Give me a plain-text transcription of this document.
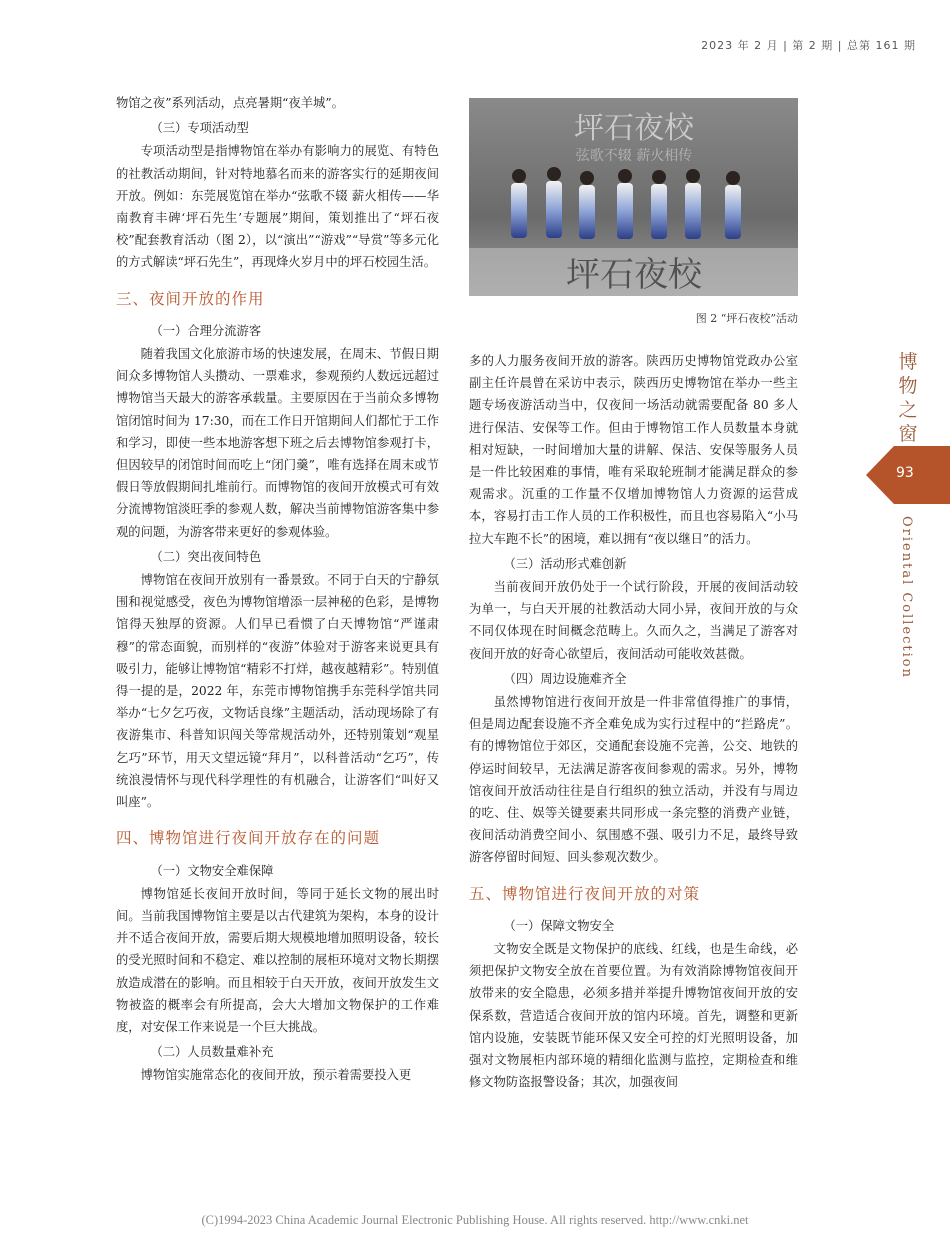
2023 年 2 月 | 第 2 期 | 总第 161 期

物馆之夜”系列活动，点亮暑期“夜羊城”。

（三）专项活动型

专项活动型是指博物馆在举办有影响力的展览、有特色的社教活动期间，针对特地慕名而来的游客实行的延期夜间开放。例如：东莞展览馆在举办“弦歌不辍 薪火相传——华南教育丰碑‘坪石先生’专题展”期间，策划推出了“坪石夜校”配套教育活动（图 2），以“演出”“游戏”“导赏”等多元化的方式解读“坪石先生”，再现烽火岁月中的坪石校园生活。

三、夜间开放的作用

（一）合理分流游客

随着我国文化旅游市场的快速发展，在周末、节假日期间众多博物馆人头攒动、一票难求，参观预约人数远远超过博物馆当天最大的游客承载量。主要原因在于当前众多博物馆闭馆时间为 17:30，而在工作日开馆期间人们都忙于工作和学习，即使一些本地游客想下班之后去博物馆参观打卡，但因较早的闭馆时间而吃上“闭门羹”，唯有选择在周末或节假日等放假期间扎堆前行。而博物馆的夜间开放模式可有效分流博物馆淡旺季的参观人数，解决当前博物馆游客集中参观的问题，为游客带来更好的参观体验。

（二）突出夜间特色

博物馆在夜间开放别有一番景致。不同于白天的宁静氛围和视觉感受，夜色为博物馆增添一层神秘的色彩，是博物馆得天独厚的资源。人们早已看惯了白天博物馆“严谨肃穆”的常态面貌，而别样的“夜游”体验对于游客来说更具有吸引力，能够让博物馆“精彩不打烊，越夜越精彩”。特别值得一提的是，2022 年，东莞市博物馆携手东莞科学馆共同举办“七夕乞巧夜，文物话良缘”主题活动，活动现场除了有夜游集市、科普知识闯关等常规活动外，还特别策划“观星乞巧”环节，用天文望远镜“拜月”，以科普活动“乞巧”，传统浪漫情怀与现代科学理性的有机融合，让游客们“叫好又叫座”。

四、博物馆进行夜间开放存在的问题

（一）文物安全难保障

博物馆延长夜间开放时间，等同于延长文物的展出时间。当前我国博物馆主要是以古代建筑为架构，本身的设计并不适合夜间开放，需要后期大规模地增加照明设备，较长的受光照时间和不稳定、难以控制的展柜环境对文物长期摆放造成潜在的影响。而且相较于白天开放，夜间开放发生文物被盗的概率会有所提高，会大大增加文物保护的工作难度，对安保工作来说是一个巨大挑战。

（二）人员数量难补充

博物馆实施常态化的夜间开放，预示着需要投入更

坪石夜校
弦歌不辍 薪火相传
坪石夜校
图 2 “坪石夜校”活动

多的人力服务夜间开放的游客。陕西历史博物馆党政办公室副主任许晨曾在采访中表示，陕西历史博物馆在举办一些主题专场夜游活动当中，仅夜间一场活动就需要配备 80 多人进行保洁、安保等工作。但由于博物馆工作人员数量本身就相对短缺，一时间增加大量的讲解、保洁、安保等服务人员是一件比较困难的事情，唯有采取轮班制才能满足群众的参观需求。沉重的工作量不仅增加博物馆人力资源的运营成本，容易打击工作人员的工作积极性，而且也容易陷入“小马拉大车跑不长”的困境，难以拥有“夜以继日”的活力。

（三）活动形式难创新

当前夜间开放仍处于一个试行阶段，开展的夜间活动较为单一，与白天开展的社教活动大同小异，夜间开放的与众不同仅体现在时间概念范畴上。久而久之，当满足了游客对夜间开放的好奇心欲望后，夜间活动可能收效甚微。

（四）周边设施难齐全

虽然博物馆进行夜间开放是一件非常值得推广的事情，但是周边配套设施不齐全难免成为实行过程中的“拦路虎”。有的博物馆位于郊区，交通配套设施不完善，公交、地铁的停运时间较早，无法满足游客夜间参观的需求。另外，博物馆夜间开放活动往往是自行组织的独立活动，并没有与周边的吃、住、娱等关键要素共同形成一条完整的消费产业链，夜间活动消费空间小、氛围感不强、吸引力不足，最终导致游客停留时间短、回头参观次数少。

五、博物馆进行夜间开放的对策

（一）保障文物安全

文物安全既是文物保护的底线、红线，也是生命线，必须把保护文物安全放在首要位置。为有效消除博物馆夜间开放带来的安全隐患，必须多措并举提升博物馆夜间开放的安保系数，营造适合夜间开放的馆内环境。首先，调整和更新馆内设施，安装既节能环保又安全可控的灯光照明设备，加强对文物展柜内部环境的精细化监测与监控，定期检查和维修文物防盗报警设备；其次，加强夜间

博
物
之
窗
93
Oriental Collection
(C)1994-2023 China Academic Journal Electronic Publishing House. All rights reserved. http://www.cnki.net
